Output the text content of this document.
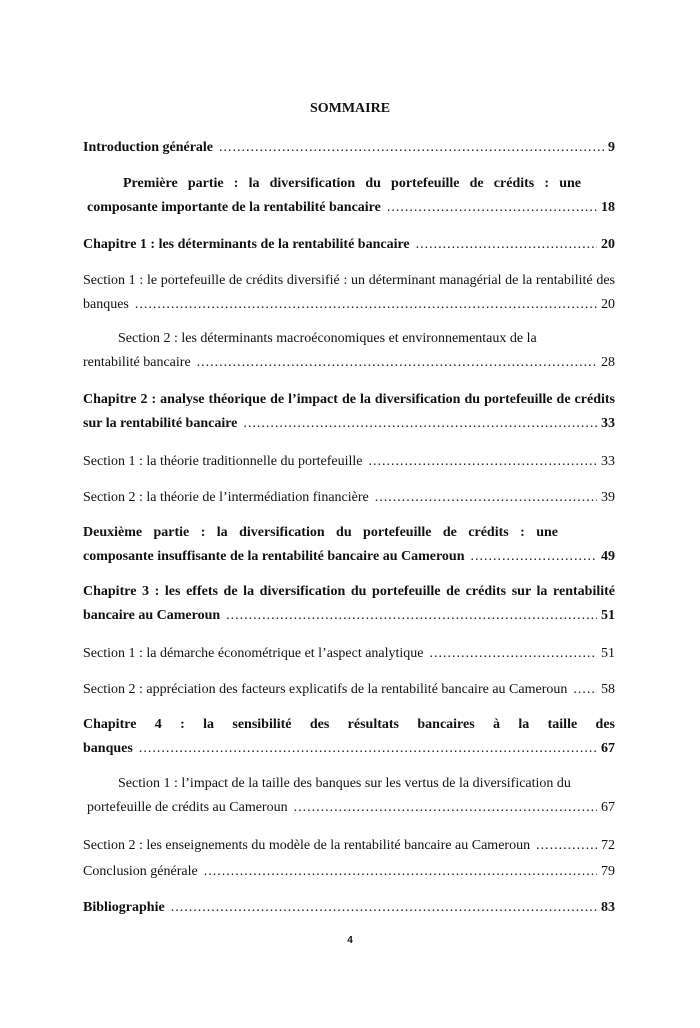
SOMMAIRE
Introduction générale .....	9
Première partie : la diversification du portefeuille de crédits : une
composante importante de la rentabilité bancaire .....	18
Chapitre 1 : les déterminants de la rentabilité bancaire .....	20
Section 1 : le portefeuille de crédits diversifié : un déterminant managérial de la rentabilité des
banques .....	20
Section 2 : les déterminants macroéconomiques et environnementaux de la
rentabilité bancaire .....	28
Chapitre 2 : analyse théorique de l’impact de la diversification du portefeuille de crédits
sur la rentabilité bancaire .....	33
Section 1 : la théorie traditionnelle du portefeuille .....	33
Section 2 : la théorie de l’intermédiation financière .....	39
Deuxième partie : la diversification du portefeuille de crédits : une
composante insuffisante de la rentabilité bancaire au Cameroun .....	49
Chapitre 3 : les effets de la diversification du portefeuille de crédits sur la rentabilité
bancaire au Cameroun .....	51
Section 1 : la démarche économétrique et l’aspect analytique .....	51
Section 2 : appréciation des facteurs explicatifs de la rentabilité bancaire au Cameroun ..... 58
Chapitre 4 : la sensibilité des résultats bancaires à la taille des
banques .....	67
Section 1 : l’impact de la taille des banques sur les vertus de la diversification du
portefeuille de crédits au Cameroun .....	67
Section 2 : les enseignements du modèle de la rentabilité bancaire au Cameroun .....	72
Conclusion générale .....	79
Bibliographie .....	83
4
